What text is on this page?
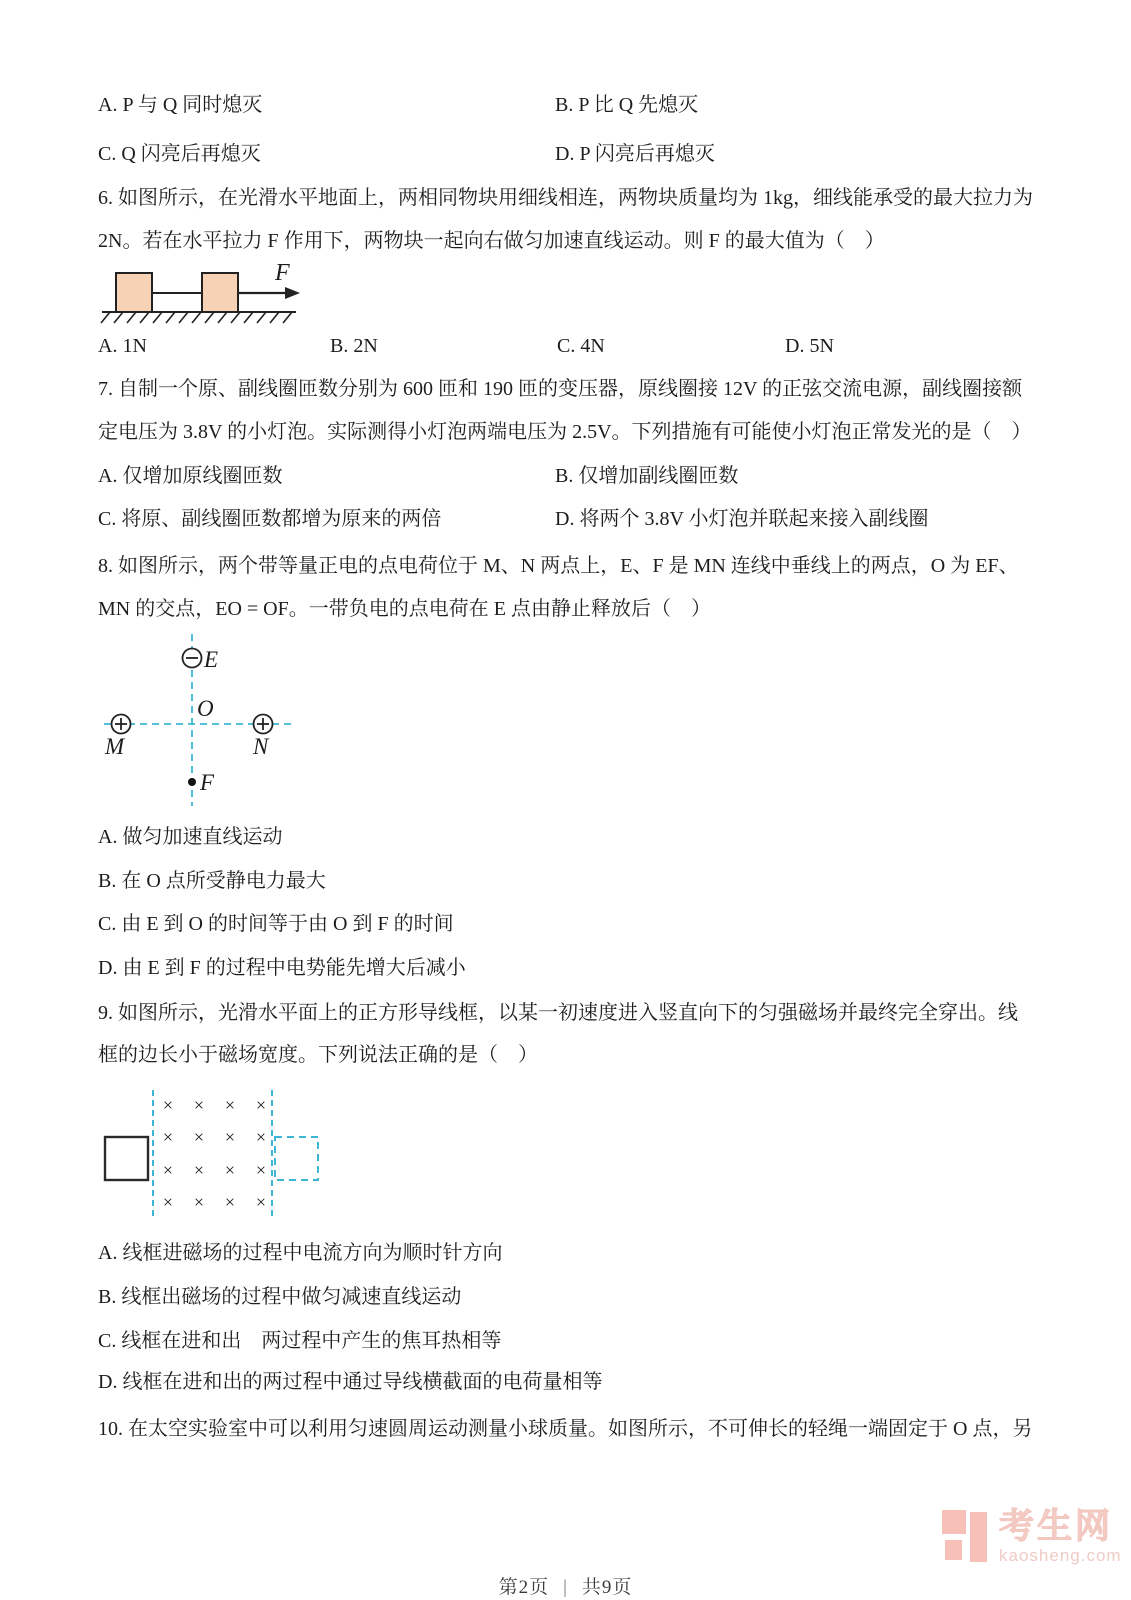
A. P 与 Q 同时熄灭	B. P 比 Q 先熄灭
C. Q 闪亮后再熄灭	D. P 闪亮后再熄灭
6. 如图所示，在光滑水平地面上，两相同物块用细线相连，两物块质量均为 1kg，细线能承受的最大拉力为
2N。若在水平拉力 F 作用下，两物块一起向右做匀加速直线运动。则 F 的最大值为（　）
F
A. 1N	B. 2N	C. 4N	D. 5N
7. 自制一个原、副线圈匝数分别为 600 匝和 190 匝的变压器，原线圈接 12V 的正弦交流电源，副线圈接额
定电压为 3.8V 的小灯泡。实际测得小灯泡两端电压为 2.5V。下列措施有可能使小灯泡正常发光的是（　）
A. 仅增加原线圈匝数	B. 仅增加副线圈匝数
C. 将原、副线圈匝数都增为原来的两倍	D. 将两个 3.8V 小灯泡并联起来接入副线圈
8. 如图所示，两个带等量正电的点电荷位于 M、N 两点上，E、F 是 MN 连线中垂线上的两点，O 为 EF、
MN 的交点，EO = OF。一带负电的点电荷在 E 点由静止释放后（　）
E
O
M	N
F
A. 做匀加速直线运动
B. 在 O 点所受静电力最大
C. 由 E 到 O 的时间等于由 O 到 F 的时间
D. 由 E 到 F 的过程中电势能先增大后减小
9. 如图所示，光滑水平面上的正方形导线框，以某一初速度进入竖直向下的匀强磁场并最终完全穿出。线
框的边长小于磁场宽度。下列说法正确的是（　）
× × × ×
× × × ×
× × × ×
× × × ×
A. 线框进磁场的过程中电流方向为顺时针方向
B. 线框出磁场的过程中做匀减速直线运动
C. 线框在进和出　两过程中产生的焦耳热相等
D. 线框在进和出的两过程中通过导线横截面的电荷量相等
10. 在太空实验室中可以利用匀速圆周运动测量小球质量。如图所示，不可伸长的轻绳一端固定于 O 点，另
第2页 | 共9页
考生网
kaosheng.com
